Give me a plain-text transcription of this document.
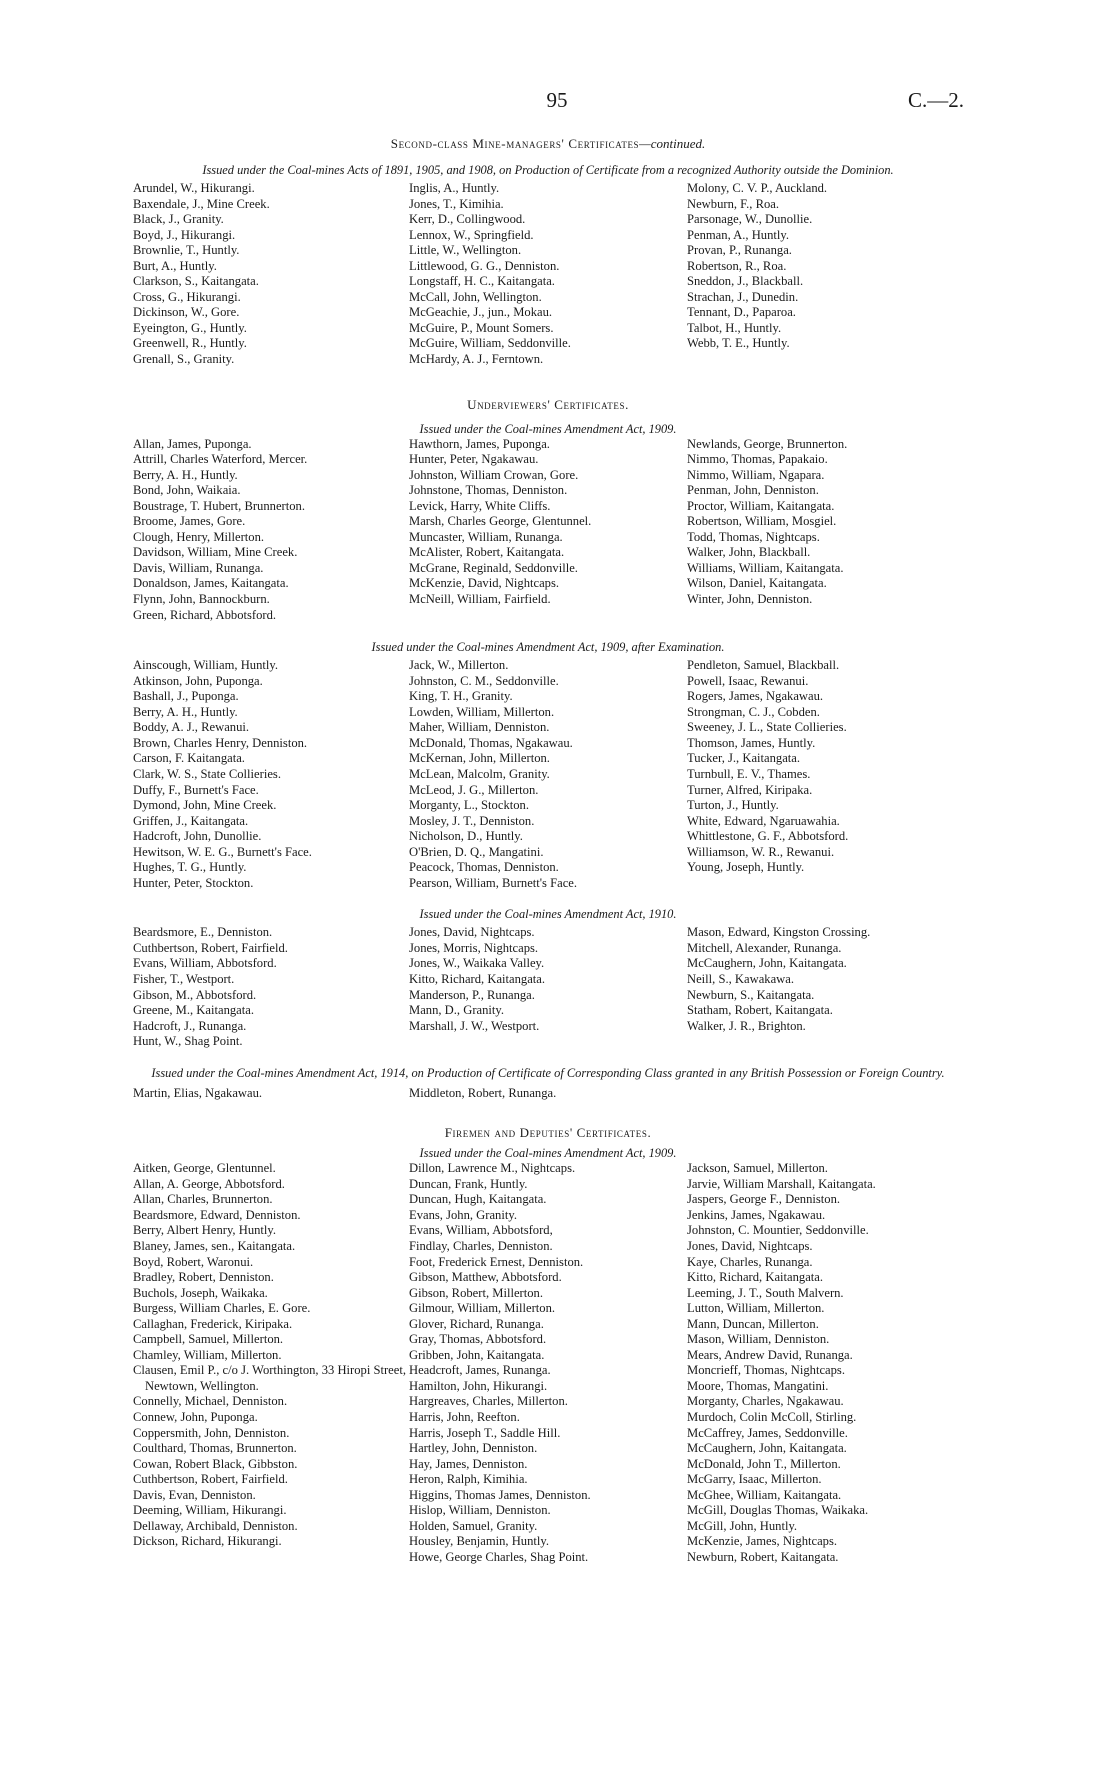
95	C.—2.
Second-class Mine-managers' Certificates—continued.
Issued under the Coal-mines Acts of 1891, 1905, and 1908, on Production of Certificate from a recognized Authority outside the Dominion.
Arundel, W., Hikurangi.
Baxendale, J., Mine Creek.
Black, J., Granity.
Boyd, J., Hikurangi.
Brownlie, T., Huntly.
Burt, A., Huntly.
Clarkson, S., Kaitangata.
Cross, G., Hikurangi.
Dickinson, W., Gore.
Eyeington, G., Huntly.
Greenwell, R., Huntly.
Grenall, S., Granity.
Inglis, A., Huntly.
Jones, T., Kimihia.
Kerr, D., Collingwood.
Lennox, W., Springfield.
Little, W., Wellington.
Littlewood, G. G., Denniston.
Longstaff, H. C., Kaitangata.
McCall, John, Wellington.
McGeachie, J., jun., Mokau.
McGuire, P., Mount Somers.
McGuire, William, Seddonville.
McHardy, A. J., Ferntown.
Molony, C. V. P., Auckland.
Newburn, F., Roa.
Parsonage, W., Dunollie.
Penman, A., Huntly.
Provan, P., Runanga.
Robertson, R., Roa.
Sneddon, J., Blackball.
Strachan, J., Dunedin.
Tennant, D., Paparoa.
Talbot, H., Huntly.
Webb, T. E., Huntly.
Underviewers' Certificates.
Issued under the Coal-mines Amendment Act, 1909.
Allan, James, Puponga.
Attrill, Charles Waterford, Mercer.
Berry, A. H., Huntly.
Bond, John, Waikaia.
Boustrage, T. Hubert, Brunnerton.
Broome, James, Gore.
Clough, Henry, Millerton.
Davidson, William, Mine Creek.
Davis, William, Runanga.
Donaldson, James, Kaitangata.
Flynn, John, Bannockburn.
Green, Richard, Abbotsford.
Hawthorn, James, Puponga.
Hunter, Peter, Ngakawau.
Johnston, William Crowan, Gore.
Johnstone, Thomas, Denniston.
Levick, Harry, White Cliffs.
Marsh, Charles George, Glentunnel.
Muncaster, William, Runanga.
McAlister, Robert, Kaitangata.
McGrane, Reginald, Seddonville.
McKenzie, David, Nightcaps.
McNeill, William, Fairfield.
Newlands, George, Brunnerton.
Nimmo, Thomas, Papakaio.
Nimmo, William, Ngapara.
Penman, John, Denniston.
Proctor, William, Kaitangata.
Robertson, William, Mosgiel.
Todd, Thomas, Nightcaps.
Walker, John, Blackball.
Williams, William, Kaitangata.
Wilson, Daniel, Kaitangata.
Winter, John, Denniston.
Issued under the Coal-mines Amendment Act, 1909, after Examination.
Ainscough, William, Huntly.
Atkinson, John, Puponga.
Bashall, J., Puponga.
Berry, A. H., Huntly.
Boddy, A. J., Rewanui.
Brown, Charles Henry, Denniston.
Carson, F. Kaitangata.
Clark, W. S., State Collieries.
Duffy, F., Burnett's Face.
Dymond, John, Mine Creek.
Griffen, J., Kaitangata.
Hadcroft, John, Dunollie.
Hewitson, W. E. G., Burnett's Face.
Hughes, T. G., Huntly.
Hunter, Peter, Stockton.
Jack, W., Millerton.
Johnston, C. M., Seddonville.
King, T. H., Granity.
Lowden, William, Millerton.
Maher, William, Denniston.
McDonald, Thomas, Ngakawau.
McKernan, John, Millerton.
McLean, Malcolm, Granity.
McLeod, J. G., Millerton.
Morganty, L., Stockton.
Mosley, J. T., Denniston.
Nicholson, D., Huntly.
O'Brien, D. Q., Mangatini.
Peacock, Thomas, Denniston.
Pearson, William, Burnett's Face.
Pendleton, Samuel, Blackball.
Powell, Isaac, Rewanui.
Rogers, James, Ngakawau.
Strongman, C. J., Cobden.
Sweeney, J. L., State Collieries.
Thomson, James, Huntly.
Tucker, J., Kaitangata.
Turnbull, E. V., Thames.
Turner, Alfred, Kiripaka.
Turton, J., Huntly.
White, Edward, Ngaruawahia.
Whittlestone, G. F., Abbotsford.
Williamson, W. R., Rewanui.
Young, Joseph, Huntly.
Issued under the Coal-mines Amendment Act, 1910.
Beardsmore, E., Denniston.
Cuthbertson, Robert, Fairfield.
Evans, William, Abbotsford.
Fisher, T., Westport.
Gibson, M., Abbotsford.
Greene, M., Kaitangata.
Hadcroft, J., Runanga.
Hunt, W., Shag Point.
Jones, David, Nightcaps.
Jones, Morris, Nightcaps.
Jones, W., Waikaka Valley.
Kitto, Richard, Kaitangata.
Manderson, P., Runanga.
Mann, D., Granity.
Marshall, J. W., Westport.
Mason, Edward, Kingston Crossing.
Mitchell, Alexander, Runanga.
McCaughern, John, Kaitangata.
Neill, S., Kawakawa.
Newburn, S., Kaitangata.
Statham, Robert, Kaitangata.
Walker, J. R., Brighton.
Issued under the Coal-mines Amendment Act, 1914, on Production of Certificate of Corresponding Class granted in any British Possession or Foreign Country.
Martin, Elias, Ngakawau.	Middleton, Robert, Runanga.
Firemen and Deputies' Certificates.
Issued under the Coal-mines Amendment Act, 1909.
Aitken, George, Glentunnel.
Allan, A. George, Abbotsford.
Allan, Charles, Brunnerton.
Beardsmore, Edward, Denniston.
Berry, Albert Henry, Huntly.
Blaney, James, sen., Kaitangata.
Boyd, Robert, Waronui.
Bradley, Robert, Denniston.
Buchols, Joseph, Waikaka.
Burgess, William Charles, E. Gore.
Callaghan, Frederick, Kiripaka.
Campbell, Samuel, Millerton.
Chamley, William, Millerton.
Clausen, Emil P., c/o J. Worthington, 33 Hiropi Street, Newtown, Wellington.
Connelly, Michael, Denniston.
Connew, John, Puponga.
Coppersmith, John, Denniston.
Coulthard, Thomas, Brunnerton.
Cowan, Robert Black, Gibbston.
Cuthbertson, Robert, Fairfield.
Davis, Evan, Denniston.
Deeming, William, Hikurangi.
Dellaway, Archibald, Denniston.
Dickson, Richard, Hikurangi.
Dillon, Lawrence M., Nightcaps.
Duncan, Frank, Huntly.
Duncan, Hugh, Kaitangata.
Evans, John, Granity.
Evans, William, Abbotsford,
Findlay, Charles, Denniston.
Foot, Frederick Ernest, Denniston.
Gibson, Matthew, Abbotsford.
Gibson, Robert, Millerton.
Gilmour, William, Millerton.
Glover, Richard, Runanga.
Gray, Thomas, Abbotsford.
Gribben, John, Kaitangata.
Headcroft, James, Runanga.
Hamilton, John, Hikurangi.
Hargreaves, Charles, Millerton.
Harris, John, Reefton.
Harris, Joseph T., Saddle Hill.
Hartley, John, Denniston.
Hay, James, Denniston.
Heron, Ralph, Kimihia.
Higgins, Thomas James, Denniston.
Hislop, William, Denniston.
Holden, Samuel, Granity.
Housley, Benjamin, Huntly.
Howe, George Charles, Shag Point.
Jackson, Samuel, Millerton.
Jarvie, William Marshall, Kaitangata.
Jaspers, George F., Denniston.
Jenkins, James, Ngakawau.
Johnston, C. Mountier, Seddonville.
Jones, David, Nightcaps.
Kaye, Charles, Runanga.
Kitto, Richard, Kaitangata.
Leeming, J. T., South Malvern.
Lutton, William, Millerton.
Mann, Duncan, Millerton.
Mason, William, Denniston.
Mears, Andrew David, Runanga.
Moncrieff, Thomas, Nightcaps.
Moore, Thomas, Mangatini.
Morganty, Charles, Ngakawau.
Murdoch, Colin McColl, Stirling.
McCaffrey, James, Seddonville.
McCaughern, John, Kaitangata.
McDonald, John T., Millerton.
McGarry, Isaac, Millerton.
McGhee, William, Kaitangata.
McGill, Douglas Thomas, Waikaka.
McGill, John, Huntly.
McKenzie, James, Nightcaps.
Newburn, Robert, Kaitangata.
